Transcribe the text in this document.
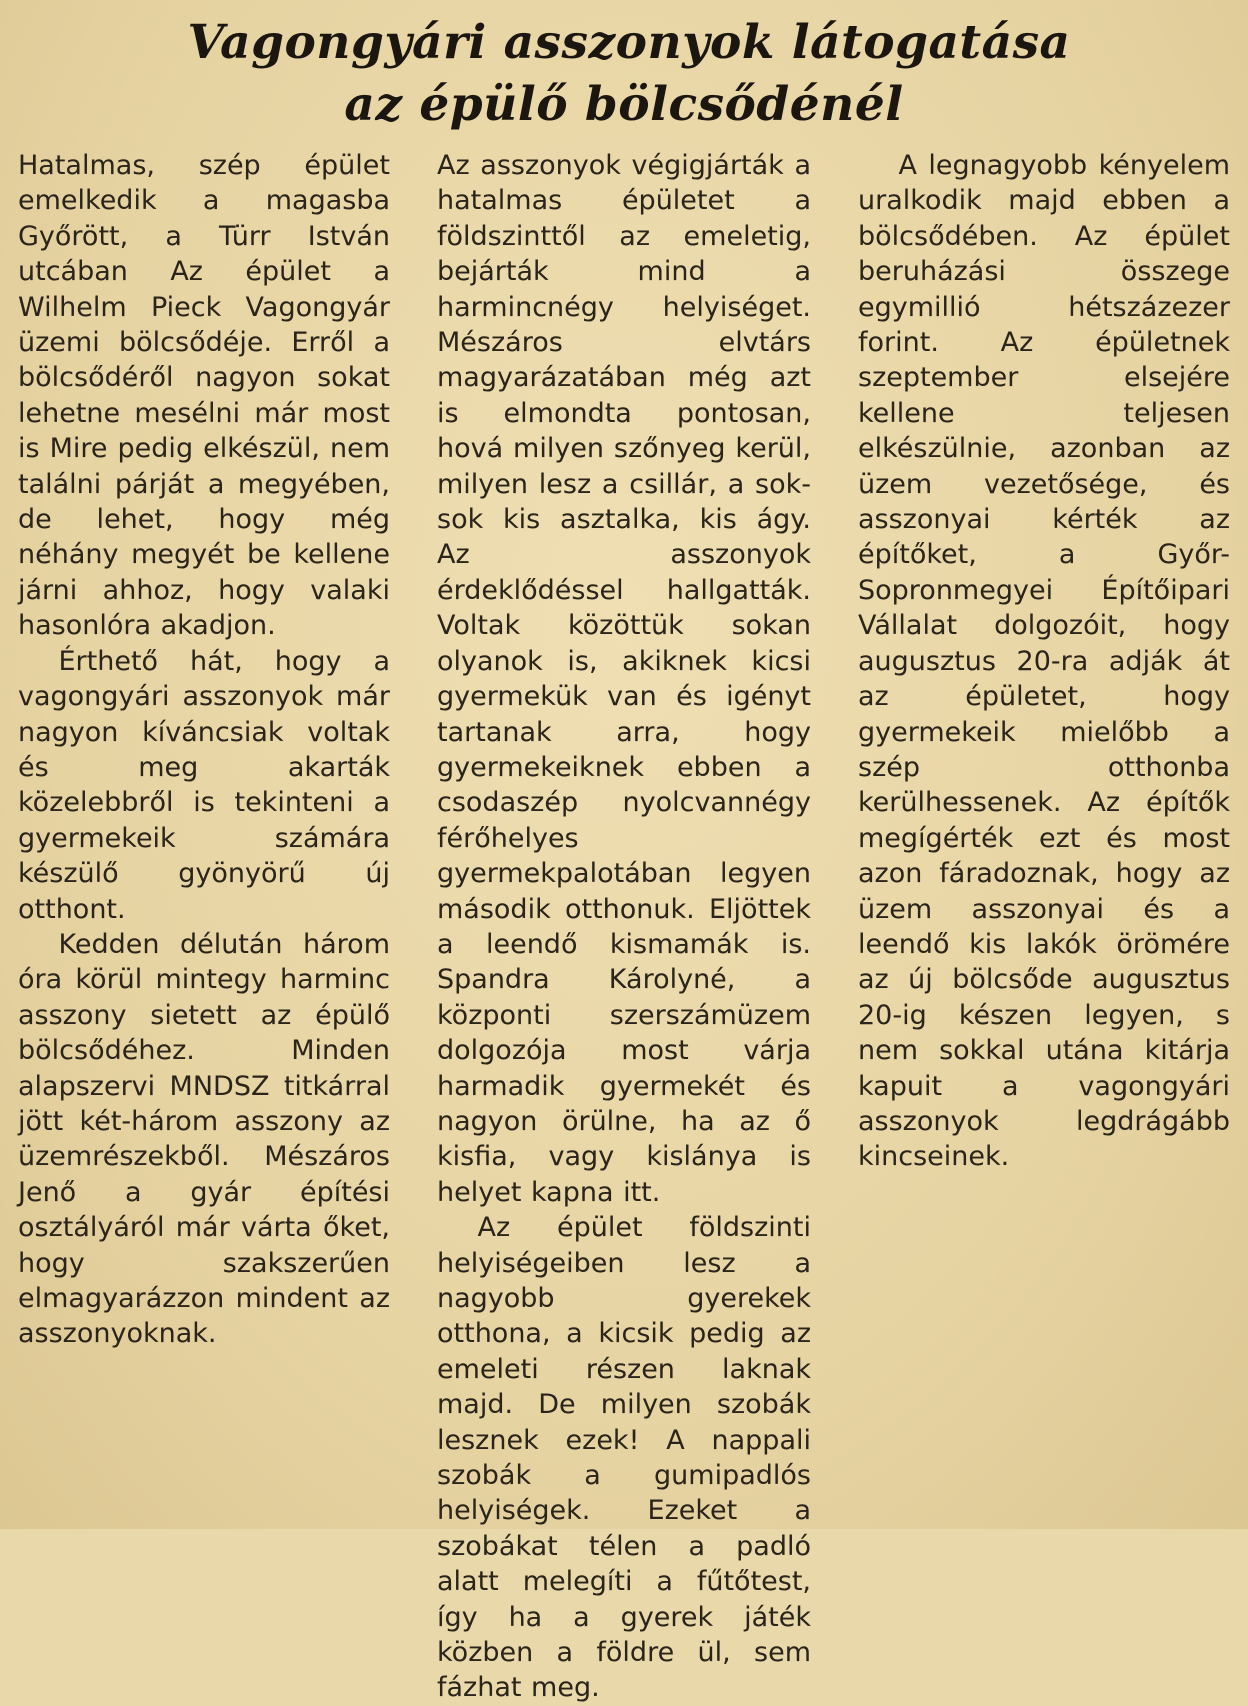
Vagongyári asszonyok látogatása
az épülő bölcsődénél

Hatalmas, szép épület emelkedik a magasba Győrött, a Türr István utcában Az épület a Wilhelm Pieck Vagongyár üzemi bölcsődéje. Erről a bölcsődéről nagyon sokat lehetne mesélni már most is Mire pedig elkészül, nem találni párját a megyében, de lehet, hogy még néhány megyét be kellene járni ahhoz, hogy valaki hasonlóra akadjon.

Érthető hát, hogy a vagongyári asszonyok már nagyon kíváncsiak voltak és meg akarták közelebbről is tekinteni a gyermekeik számára készülő gyönyörű új otthont.

Kedden délután három óra körül mintegy harminc asszony sietett az épülő bölcsődéhez. Minden alapszervi MNDSZ titkárral jött két-három asszony az üzemrészekből. Mészáros Jenő a gyár építési osztályáról már várta őket, hogy szakszerűen elmagyarázzon mindent az asszonyoknak.

Az asszonyok végigjárták a hatalmas épületet a földszinttől az emeletig, bejárták mind a harmincnégy helyiséget. Mészáros elvtárs magyarázatában még azt is elmondta pontosan, hová milyen szőnyeg kerül, milyen lesz a csillár, a sok-sok kis asztalka, kis ágy. Az asszonyok érdeklődéssel hallgatták. Voltak közöttük sokan olyanok is, akiknek kicsi gyermekük van és igényt tartanak arra, hogy gyermekeiknek ebben a csodaszép nyolcvannégy férőhelyes gyermekpalotában legyen második otthonuk. Eljöttek a leendő kismamák is. Spandra Károlyné, a központi szerszámüzem dolgozója most várja harmadik gyermekét és nagyon örülne, ha az ő kisfia, vagy kislánya is helyet kapna itt.

Az épület földszinti helyiségeiben lesz a nagyobb gyerekek otthona, a kicsik pedig az emeleti részen laknak majd. De milyen szobák lesznek ezek! A nappali szobák a gumipadlós helyiségek. Ezeket a szobákat télen a padló alatt melegíti a fűtőtest, így ha a gyerek játék közben a földre ül, sem fázhat meg.

A legnagyobb kényelem uralkodik majd ebben a bölcsődében. Az épület beruházási összege egymillió hétszázezer forint. Az épületnek szeptember elsejére kellene teljesen elkészülnie, azonban az üzem vezetősége, és asszonyai kérték az építőket, a Győr-Sopronmegyei Építőipari Vállalat dolgozóit, hogy augusztus 20-ra adják át az épületet, hogy gyermekeik mielőbb a szép otthonba kerülhessenek. Az építők megígérték ezt és most azon fáradoznak, hogy az üzem asszonyai és a leendő kis lakók örömére az új bölcsőde augusztus 20-ig készen legyen, s nem sokkal utána kitárja kapuit a vagongyári asszonyok legdrágább kincseinek.
